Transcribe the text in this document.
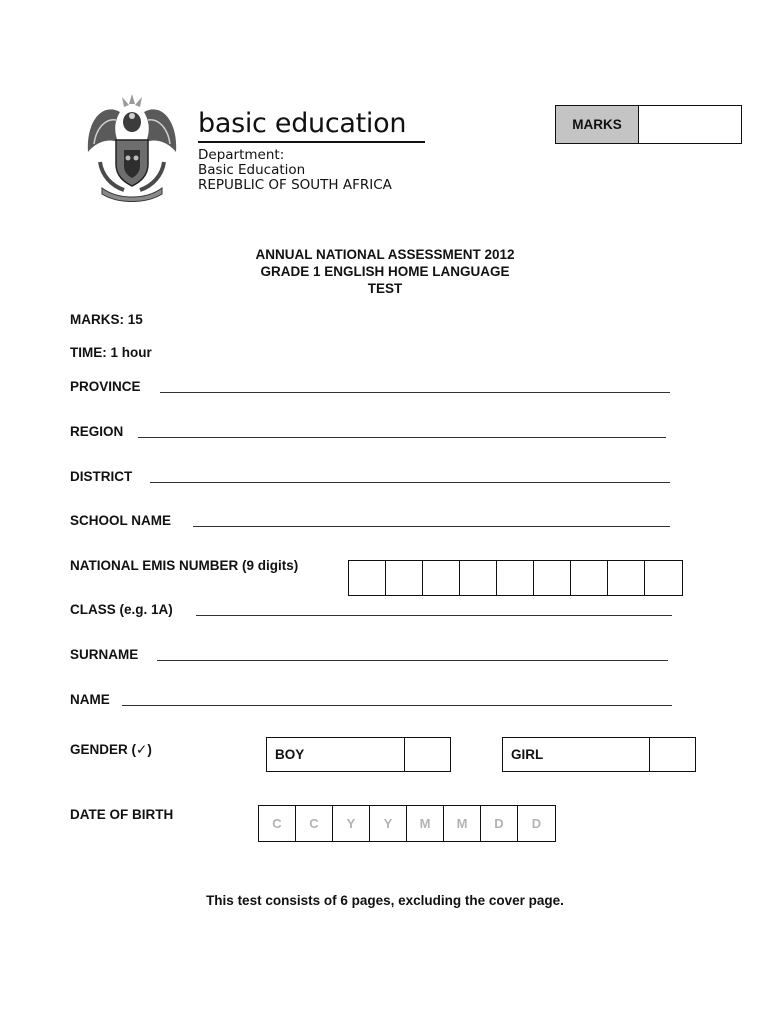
basic education
Department:
Basic Education
REPUBLIC OF SOUTH AFRICA
MARKS
ANNUAL NATIONAL ASSESSMENT 2012
GRADE 1 ENGLISH HOME LANGUAGE
TEST
MARKS: 15
TIME: 1 hour
PROVINCE
REGION
DISTRICT
SCHOOL NAME
NATIONAL EMIS NUMBER (9 digits)
CLASS (e.g. 1A)
SURNAME
NAME
GENDER (✓)	BOY	GIRL
DATE OF BIRTH
C	C	Y	Y	M	M	D	D
This test consists of 6 pages, excluding the cover page.
